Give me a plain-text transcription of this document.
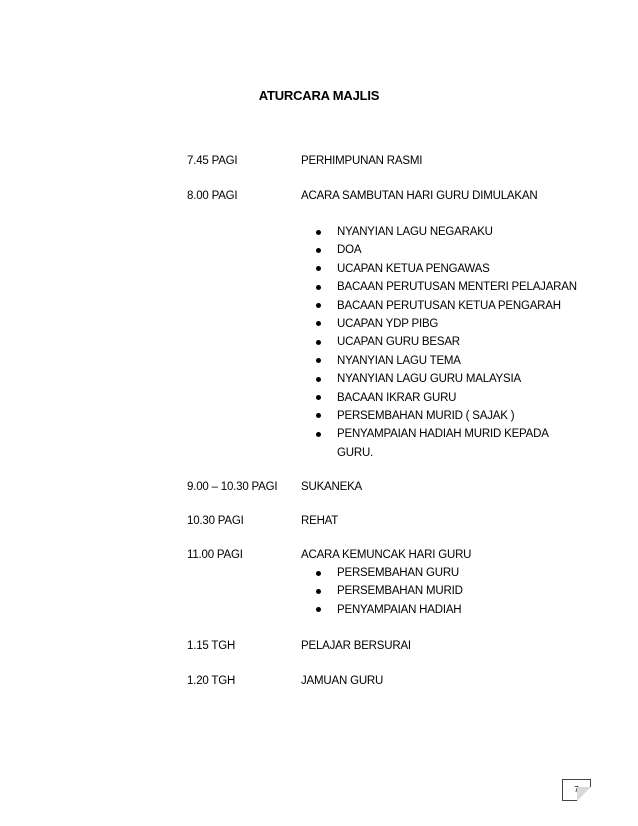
ATURCARA MAJLIS
7.45 PAGI	PERHIMPUNAN RASMI
8.00 PAGI	ACARA SAMBUTAN HARI GURU DIMULAKAN
NYANYIAN LAGU NEGARAKU
DOA
UCAPAN KETUA PENGAWAS
BACAAN PERUTUSAN MENTERI PELAJARAN
BACAAN PERUTUSAN KETUA PENGARAH
UCAPAN YDP PIBG
UCAPAN GURU BESAR
NYANYIAN LAGU TEMA
NYANYIAN LAGU GURU MALAYSIA
BACAAN IKRAR GURU
PERSEMBAHAN MURID ( SAJAK )
PENYAMPAIAN HADIAH MURID KEPADA GURU.
9.00 – 10.30 PAGI SUKANEKA
10.30 PAGI	REHAT
11.00 PAGI	ACARA KEMUNCAK HARI GURU
PERSEMBAHAN GURU
PERSEMBAHAN MURID
PENYAMPAIAN HADIAH
1.15 TGH	PELAJAR BERSURAI
1.20 TGH	JAMUAN GURU
7
